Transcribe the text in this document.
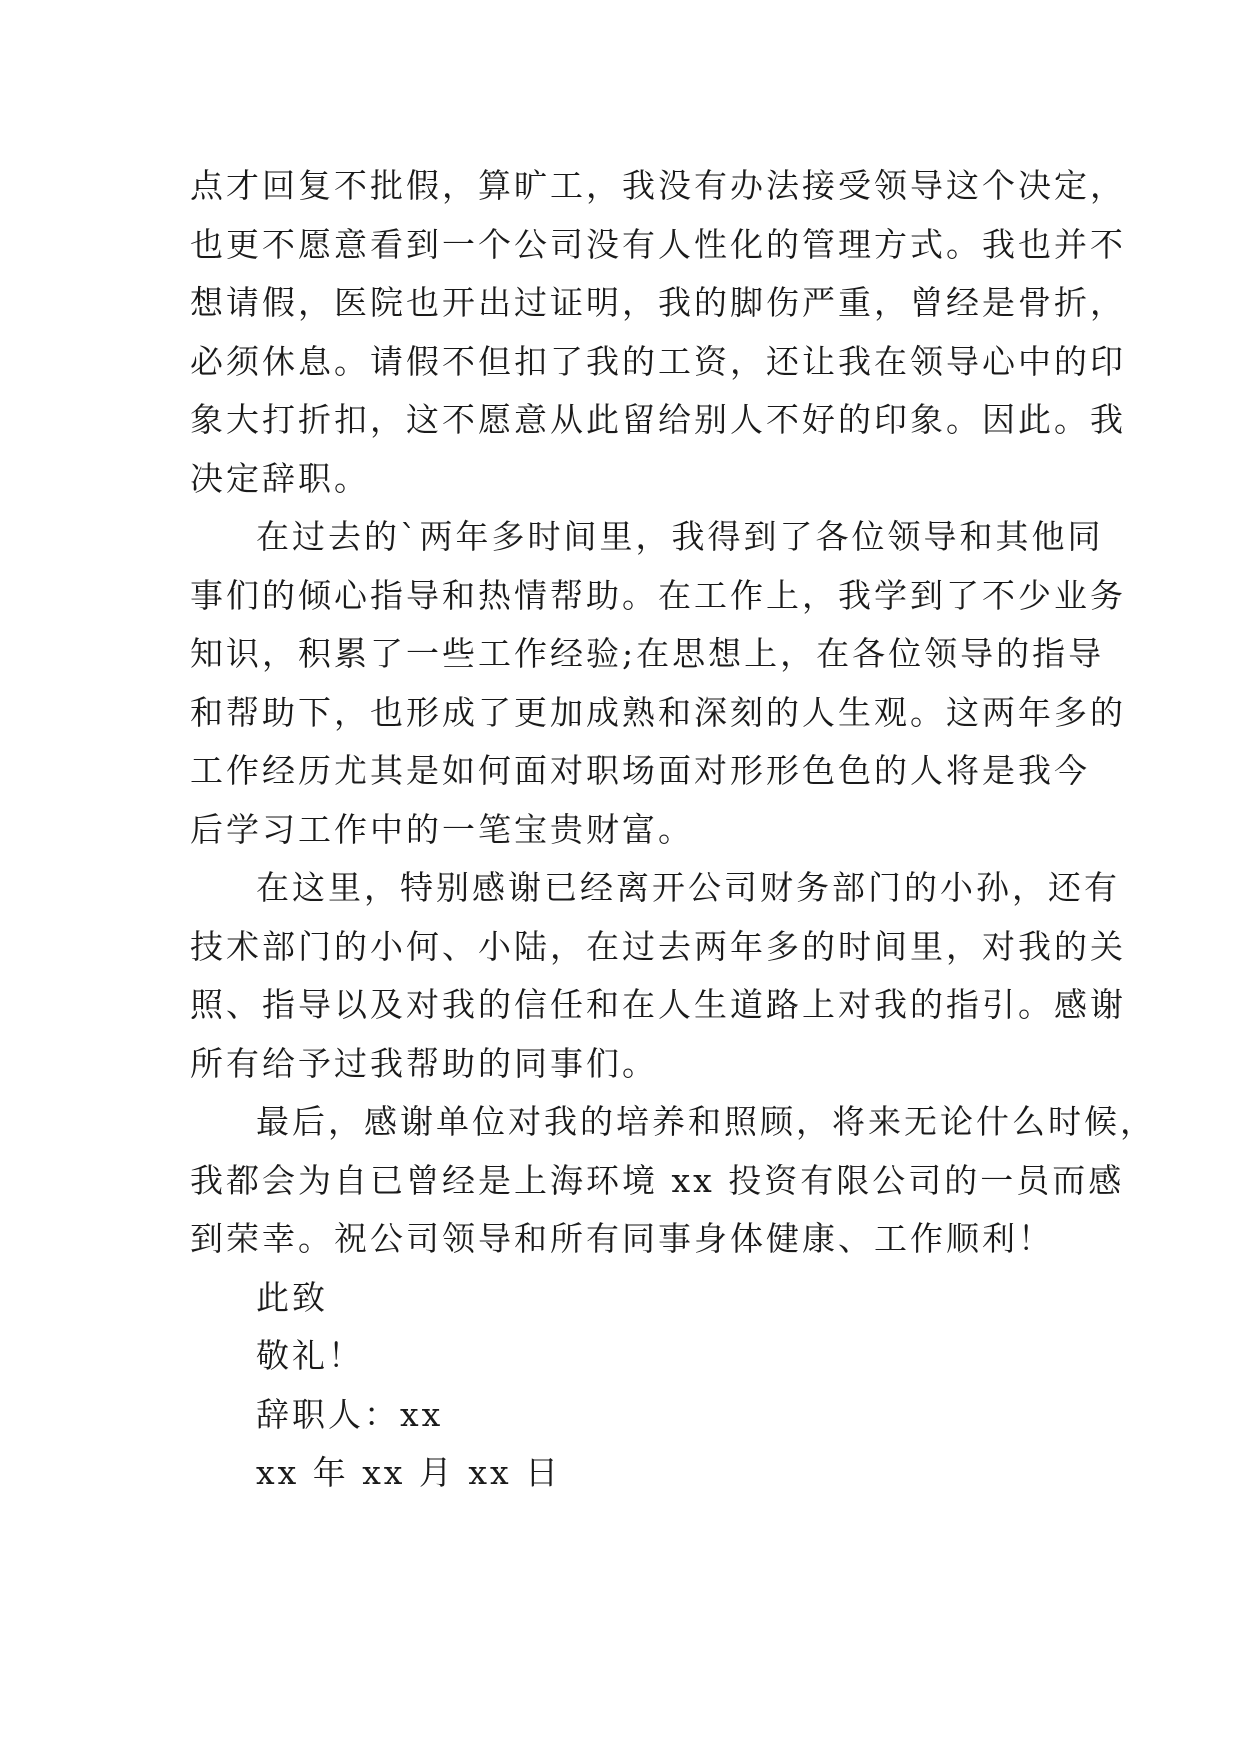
点才回复不批假，算旷工，我没有办法接受领导这个决定，
也更不愿意看到一个公司没有人性化的管理方式。我也并不
想请假，医院也开出过证明，我的脚伤严重，曾经是骨折，
必须休息。请假不但扣了我的工资，还让我在领导心中的印
象大打折扣，这不愿意从此留给别人不好的印象。因此。我
决定辞职。
在过去的`两年多时间里，我得到了各位领导和其他同
事们的倾心指导和热情帮助。在工作上，我学到了不少业务
知识，积累了一些工作经验;在思想上，在各位领导的指导
和帮助下，也形成了更加成熟和深刻的人生观。这两年多的
工作经历尤其是如何面对职场面对形形色色的人将是我今
后学习工作中的一笔宝贵财富。
在这里，特别感谢已经离开公司财务部门的小孙，还有
技术部门的小何、小陆，在过去两年多的时间里，对我的关
照、指导以及对我的信任和在人生道路上对我的指引。感谢
所有给予过我帮助的同事们。
最后，感谢单位对我的培养和照顾，将来无论什么时候，
我都会为自已曾经是上海环境 xx 投资有限公司的一员而感
到荣幸。祝公司领导和所有同事身体健康、工作顺利！
此致
敬礼！
辞职人：xx
xx 年 xx 月 xx 日
